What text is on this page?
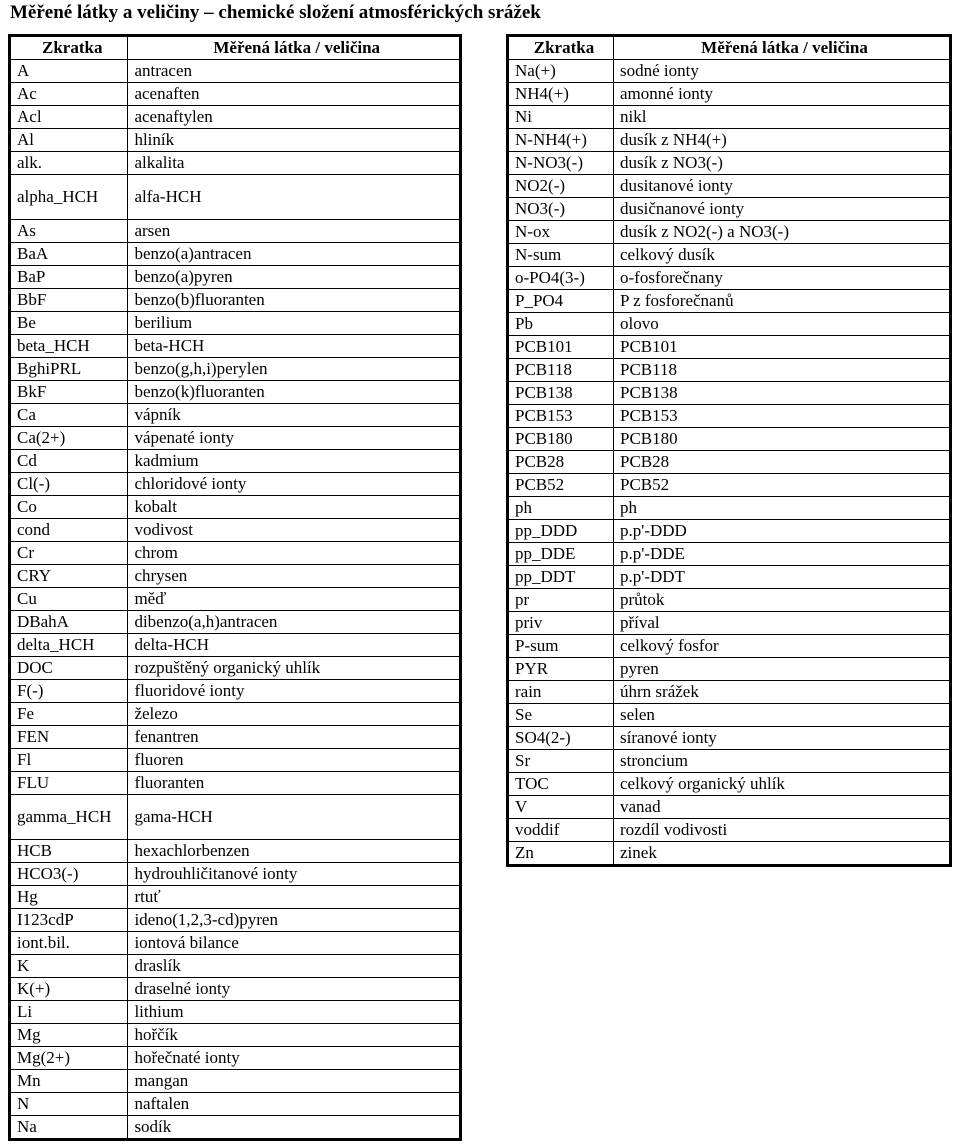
Měřené látky a veličiny – chemické složení atmosférických srážek
Zkratka	Měřená látka / veličina
A	antracen
Ac	acenaften
Acl	acenaftylen
Al	hliník
alk.	alkalita
alpha_HCH	alfa-HCH
As	arsen
BaA	benzo(a)antracen
BaP	benzo(a)pyren
BbF	benzo(b)fluoranten
Be	berilium
beta_HCH	beta-HCH
BghiPRL	benzo(g,h,i)perylen
BkF	benzo(k)fluoranten
Ca	vápník
Ca(2+)	vápenaté ionty
Cd	kadmium
Cl(-)	chloridové ionty
Co	kobalt
cond	vodivost
Cr	chrom
CRY	chrysen
Cu	měď
DBahA	dibenzo(a,h)antracen
delta_HCH	delta-HCH
DOC	rozpuštěný organický uhlík
F(-)	fluoridové ionty
Fe	železo
FEN	fenantren
Fl	fluoren
FLU	fluoranten
gamma_HCH	gama-HCH
HCB	hexachlorbenzen
HCO3(-)	hydrouhličitanové ionty
Hg	rtuť
I123cdP	ideno(1,2,3-cd)pyren
iont.bil.	iontová bilance
K	draslík
K(+)	draselné ionty
Li	lithium
Mg	hořčík
Mg(2+)	hořečnaté ionty
Mn	mangan
N	naftalen
Na	sodík
Zkratka	Měřená látka / veličina
Na(+)	sodné ionty
NH4(+)	amonné ionty
Ni	nikl
N-NH4(+)	dusík z NH4(+)
N-NO3(-)	dusík z NO3(-)
NO2(-)	dusitanové ionty
NO3(-)	dusičnanové ionty
N-ox	dusík z NO2(-) a NO3(-)
N-sum	celkový dusík
o-PO4(3-)	o-fosforečnany
P_PO4	P z fosforečnanů
Pb	olovo
PCB101	PCB101
PCB118	PCB118
PCB138	PCB138
PCB153	PCB153
PCB180	PCB180
PCB28	PCB28
PCB52	PCB52
ph	ph
pp_DDD	p.p'-DDD
pp_DDE	p.p'-DDE
pp_DDT	p.p'-DDT
pr	průtok
priv	příval
P-sum	celkový fosfor
PYR	pyren
rain	úhrn srážek
Se	selen
SO4(2-)	síranové ionty
Sr	stroncium
TOC	celkový organický uhlík
V	vanad
voddif	rozdíl vodivosti
Zn	zinek
